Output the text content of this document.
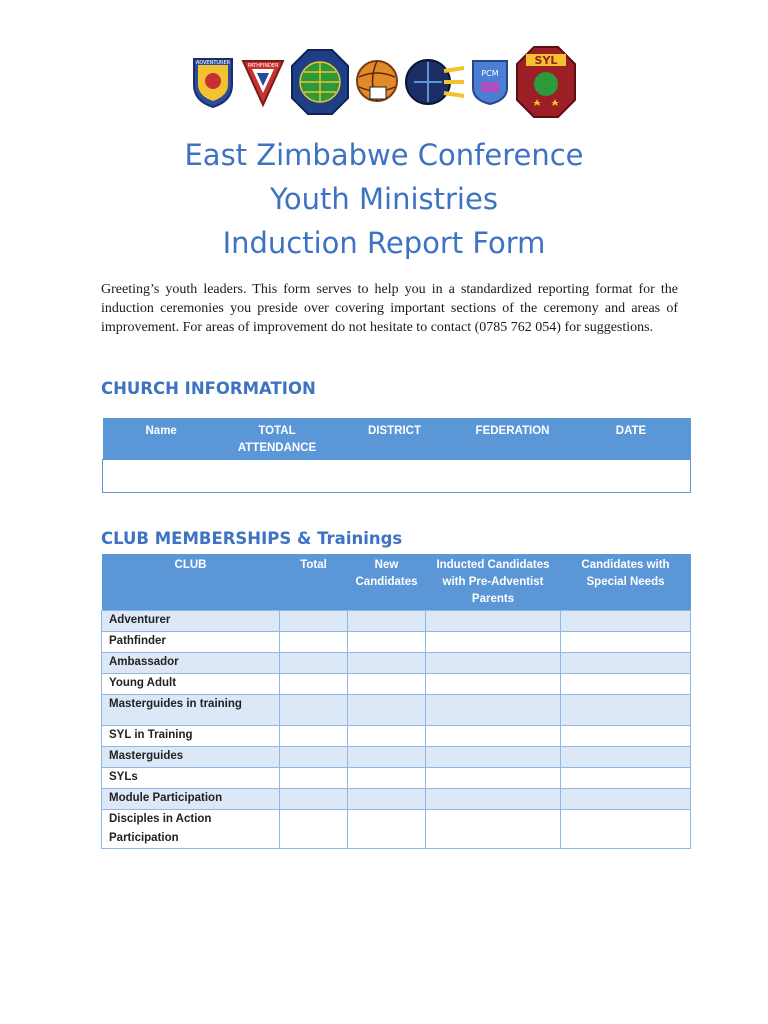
ADVENTURER	PATHFINDER
PCM
SYL
East Zimbabwe Conference
Youth Ministries
Induction Report Form

Greeting’s youth leaders. This form serves to help you in a standardized reporting format for the induction ceremonies you preside over covering important sections of the ceremony and areas of improvement. For areas of improvement do not hesitate to contact (0785 762 054) for suggestions.

CHURCH INFORMATION
Name	TOTAL ATTENDANCE	DISTRICT	FEDERATION	DATE

CLUB MEMBERSHIPS & Trainings
CLUB	Total	New Candidates	Inducted Candidates with Pre-Adventist Parents	Candidates with Special Needs
Adventurer				
Pathfinder				
Ambassador				
Young Adult				
Masterguides in training				
SYL in Training				
Masterguides				
SYLs				
Module Participation				
Disciples in Action Participation				
